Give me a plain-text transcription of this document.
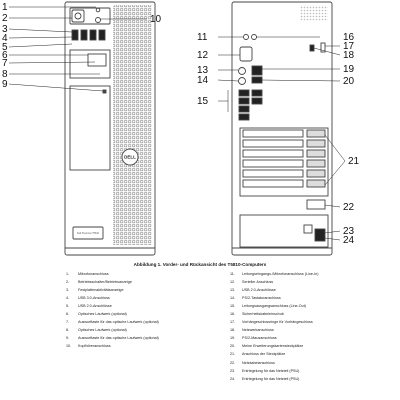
DELL
Dell Precision T5810
1
2
3
4
5
6
7
8
9
10
11
12
13
14
15
16
17
18
19
20
21
22
23
24
Abbildung 1. Vorder- und Rückansicht des T5810-Computers
1.	Mikrofonanschluss
2.	Betriebsschalter/Betriebsanzeige
3.	Festplattenaktivitätsanzeige
4.	USB 3.0-Anschluss
5.	USB 2.0-Anschlüsse
6.	Optisches Laufwerk (optional)
7.	Auswurftaste für das optische Laufwerk (optional)
8.	Optisches Laufwerk (optional)
9.	Auswurftaste für das optische Laufwerk (optional)
10.	Kopfhöreranschluss
11.	Leitungseingangs-/Mikrofonanschluss (Line-In)
12.	Serieller Anschluss
13.	USB 2.0-Anschlüsse
14.	PS/2-Tastaturanschluss
15.	Leitungsausgangsanschluss (Line-Out)
16.	Sicherheitskabeleinschub
17.	Vorhängeschlossringe für Vorhängeschloss
18.	Netzwerkanschluss
19.	PS/2-Mausanschluss
20.	Meine Erweiterungskartensteckplätze
21.	Anschluss der Steckplätze
22.	Netzkabelanschluss
23.	Entriegelung für das Netzteil (PSU)
24.	Entriegelung für das Netzteil (PSU)
